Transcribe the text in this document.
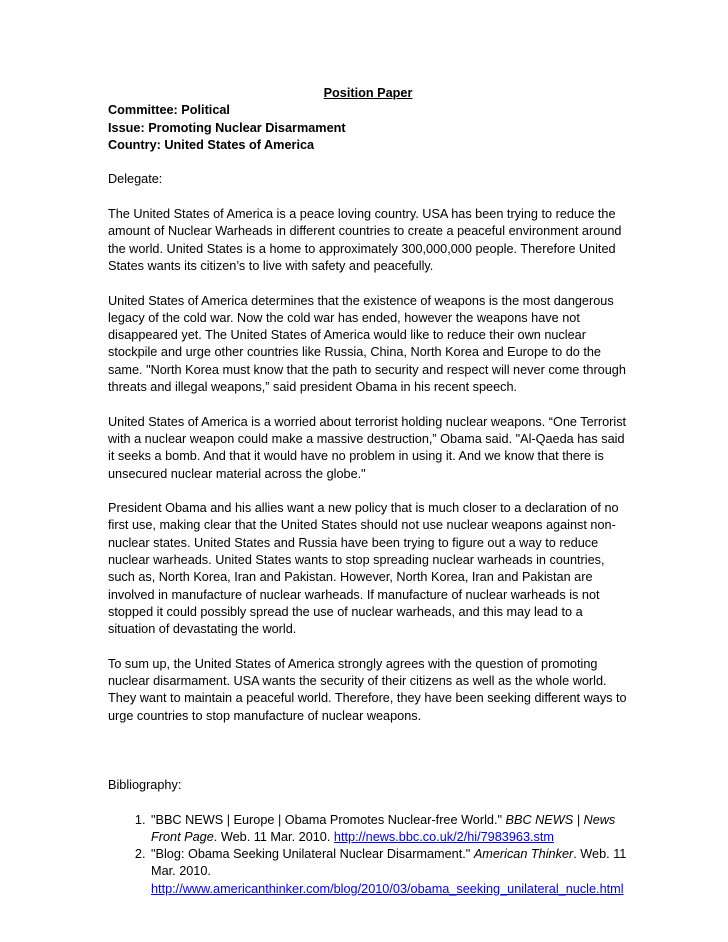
Position Paper

Committee: Political

Issue: Promoting Nuclear Disarmament

Country: United States of America

Delegate:

The United States of America is a peace loving country. USA has been trying to reduce the amount of Nuclear Warheads in different countries to create a peaceful environment around the world. United States is a home to approximately 300,000,000 people. Therefore United States wants its citizen’s to live with safety and peacefully.

United States of America determines that the existence of weapons is the most dangerous legacy of the cold war. Now the cold war has ended, however the weapons have not disappeared yet. The United States of America would like to reduce their own nuclear stockpile and urge other countries like Russia, China, North Korea and Europe to do the same. "North Korea must know that the path to security and respect will never come through threats and illegal weapons,” said president Obama in his recent speech.

United States of America is a worried about terrorist holding nuclear weapons. “One Terrorist with a nuclear weapon could make a massive destruction,” Obama said. "Al-Qaeda has said it seeks a bomb. And that it would have no problem in using it. And we know that there is unsecured nuclear material across the globe."

President Obama and his allies want a new policy that is much closer to a declaration of no first use, making clear that the United States should not use nuclear weapons against non-nuclear states. United States and Russia have been trying to figure out a way to reduce nuclear warheads. United States wants to stop spreading nuclear warheads in countries, such as, North Korea, Iran and Pakistan. However, North Korea, Iran and Pakistan are involved in manufacture of nuclear warheads. If manufacture of nuclear warheads is not stopped it could possibly spread the use of nuclear warheads, and this may lead to a situation of devastating the world.

To sum up, the United States of America strongly agrees with the question of promoting nuclear disarmament. USA wants the security of their citizens as well as the whole world. They want to maintain a peaceful world. Therefore, they have been seeking different ways to urge countries to stop manufacture of nuclear weapons.

Bibliography:

1. "BBC NEWS | Europe | Obama Promotes Nuclear-free World." BBC NEWS | News Front Page. Web. 11 Mar. 2010. http://news.bbc.co.uk/2/hi/7983963.stm
2. "Blog: Obama Seeking Unilateral Nuclear Disarmament." American Thinker. Web. 11 Mar. 2010. http://www.americanthinker.com/blog/2010/03/obama_seeking_unilateral_nucle.html
